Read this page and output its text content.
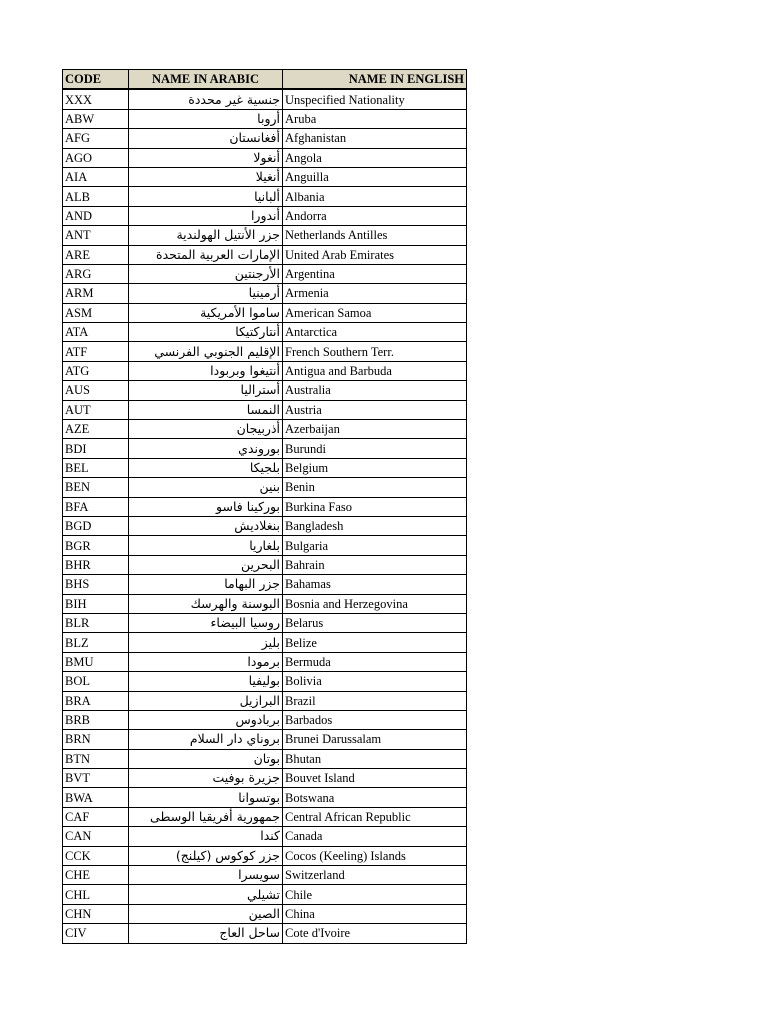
CODE	NAME IN ARABIC	NAME IN ENGLISH
XXX	جنسية غير محددة	Unspecified Nationality
ABW	أروبا	Aruba
AFG	أفغانستان	Afghanistan
AGO	أنغولا	Angola
AIA	أنغيلا	Anguilla
ALB	ألبانيا	Albania
AND	أندورا	Andorra
ANT	جزر الأنتيل الهولندية	Netherlands Antilles
ARE	الإمارات العربية المتحدة	United Arab Emirates
ARG	الأرجنتين	Argentina
ARM	أرمينيا	Armenia
ASM	ساموا الأمريكية	American Samoa
ATA	أنتاركتيكا	Antarctica
ATF	الإقليم الجنوبي الفرنسي	French Southern Terr.
ATG	أنتيغوا وبربودا	Antigua and Barbuda
AUS	أستراليا	Australia
AUT	النمسا	Austria
AZE	أذربيجان	Azerbaijan
BDI	بوروندي	Burundi
BEL	بلجيكا	Belgium
BEN	بنين	Benin
BFA	بوركينا فاسو	Burkina Faso
BGD	بنغلاديش	Bangladesh
BGR	بلغاريا	Bulgaria
BHR	البحرين	Bahrain
BHS	جزر البهاما	Bahamas
BIH	البوسنة والهرسك	Bosnia and Herzegovina
BLR	روسيا البيضاء	Belarus
BLZ	بليز	Belize
BMU	برمودا	Bermuda
BOL	بوليفيا	Bolivia
BRA	البرازيل	Brazil
BRB	بربادوس	Barbados
BRN	بروناي دار السلام	Brunei Darussalam
BTN	بوتان	Bhutan
BVT	جزيرة بوفيت	Bouvet Island
BWA	بوتسوانا	Botswana
CAF	جمهورية أفريقيا الوسطى	Central African Republic
CAN	كندا	Canada
CCK	جزر كوكوس (كيلنج)	Cocos (Keeling) Islands
CHE	سويسرا	Switzerland
CHL	تشيلي	Chile
CHN	الصين	China
CIV	ساحل العاج	Cote d'Ivoire
